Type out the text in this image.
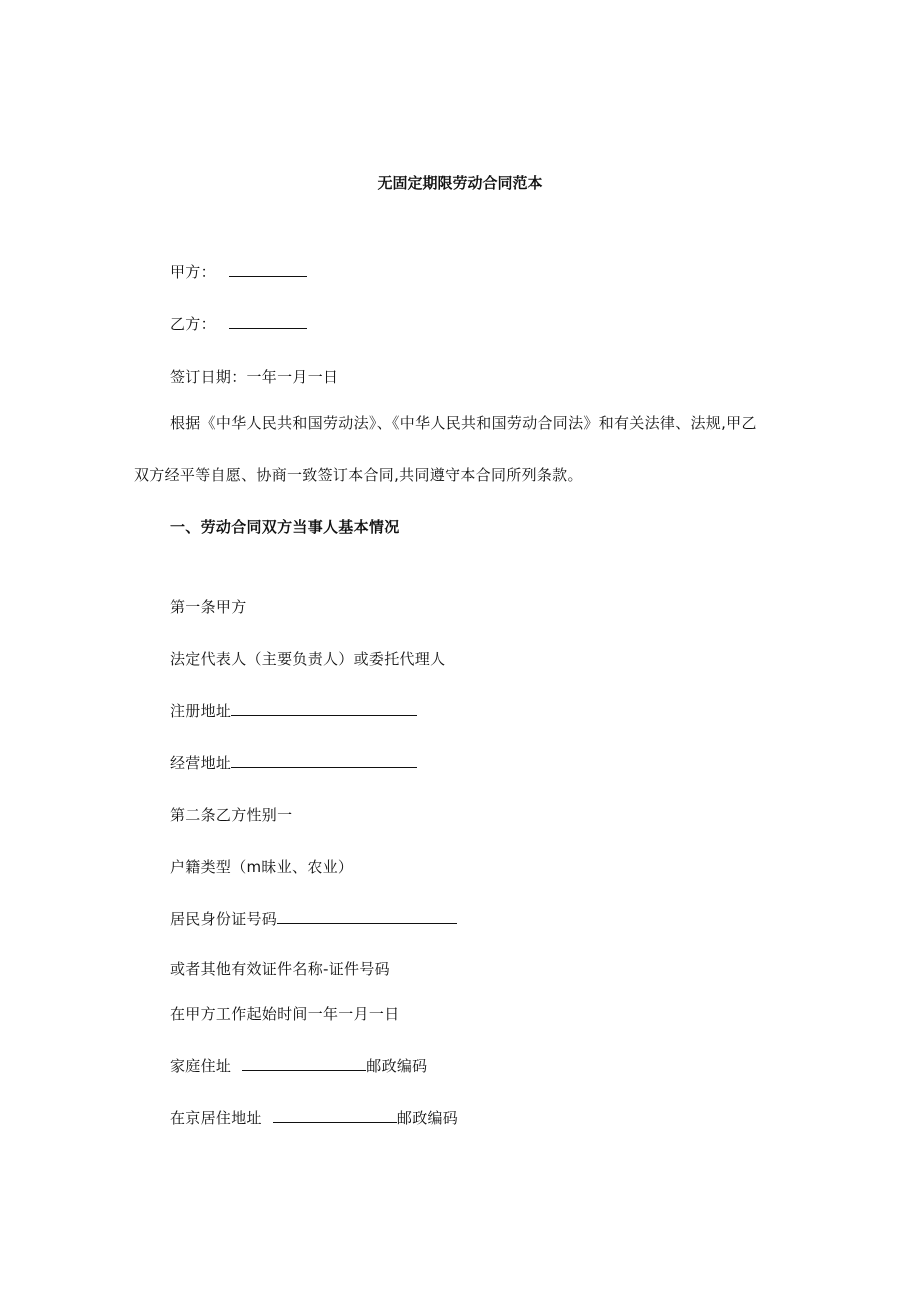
无固定期限劳动合同范本
甲方：
乙方：
签订日期：一年一月一日
根据《中华人民共和国劳动法》、《中华人民共和国劳动合同法》和有关法律、法规,甲乙
双方经平等自愿、协商一致签订本合同,共同遵守本合同所列条款。
一、劳动合同双方当事人基本情况
第一条甲方
法定代表人（主要负责人）或委托代理人
注册地址
经营地址
第二条乙方性别一
户籍类型（m昧业、农业）
居民身份证号码
或者其他有效证件名称-证件号码
在甲方工作起始时间一年一月一日
家庭住址	邮政编码
在京居住地址	邮政编码
